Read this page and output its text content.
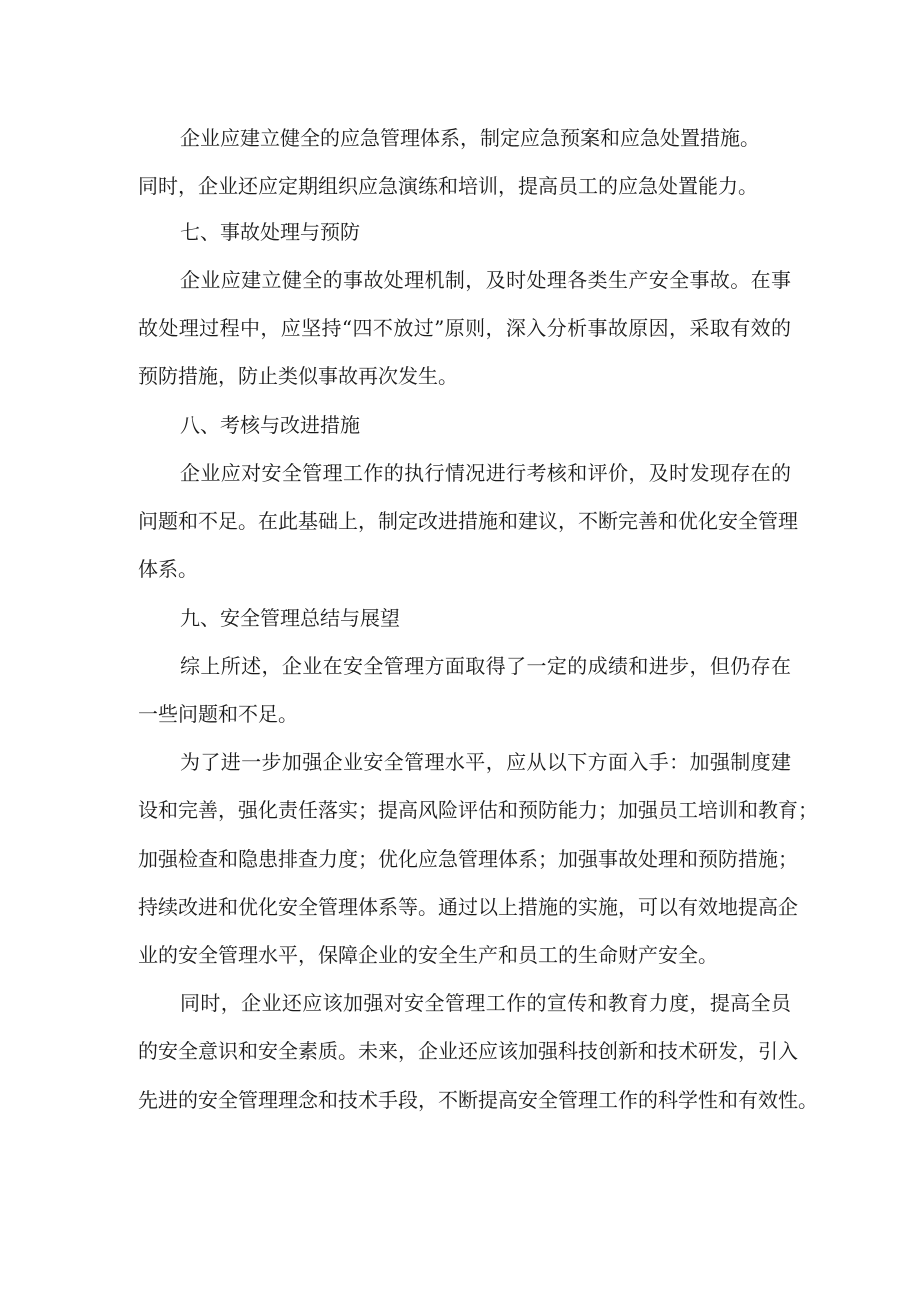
企业应建立健全的应急管理体系，制定应急预案和应急处置措施。
同时，企业还应定期组织应急演练和培训，提高员工的应急处置能力。
七、事故处理与预防
企业应建立健全的事故处理机制，及时处理各类生产安全事故。在事
故处理过程中，应坚持“四不放过”原则，深入分析事故原因，采取有效的
预防措施，防止类似事故再次发生。
八、考核与改进措施
企业应对安全管理工作的执行情况进行考核和评价，及时发现存在的
问题和不足。在此基础上，制定改进措施和建议，不断完善和优化安全管理
体系。
九、安全管理总结与展望
综上所述，企业在安全管理方面取得了一定的成绩和进步，但仍存在
一些问题和不足。
为了进一步加强企业安全管理水平，应从以下方面入手：加强制度建
设和完善，强化责任落实；提高风险评估和预防能力；加强员工培训和教育；
加强检查和隐患排查力度；优化应急管理体系；加强事故处理和预防措施；
持续改进和优化安全管理体系等。通过以上措施的实施，可以有效地提高企
业的安全管理水平，保障企业的安全生产和员工的生命财产安全。
同时，企业还应该加强对安全管理工作的宣传和教育力度，提高全员
的安全意识和安全素质。未来，企业还应该加强科技创新和技术研发，引入
先进的安全管理理念和技术手段，不断提高安全管理工作的科学性和有效性。
